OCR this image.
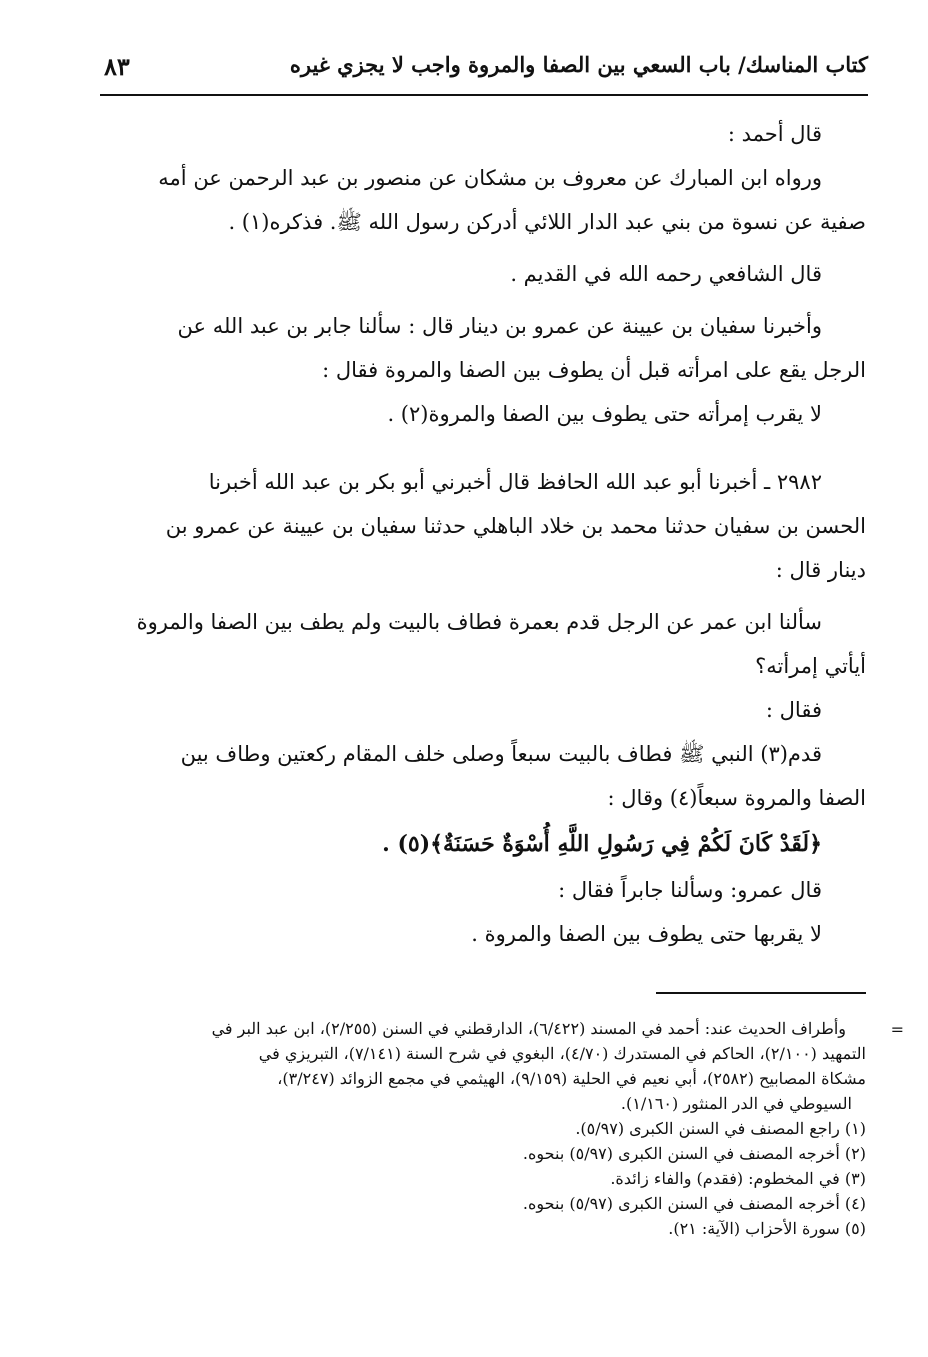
كتاب المناسك/ باب السعي بين الصفا والمروة واجب لا يجزي غيره
٨٣
قال أحمد :

ورواه ابن المبارك عن معروف بن مشكان عن منصور بن عبد الرحمن عن أمه
صفية عن نسوة من بني عبد الدار اللائي أدركن رسول الله ﷺ. فذكره(١) .

قال الشافعي رحمه الله في القديم .
وأخبرنا سفيان بن عيينة عن عمرو بن دينار قال : سألنا جابر بن عبد الله عن
الرجل يقع على امرأته قبل أن يطوف بين الصفا والمروة فقال :
لا يقرب إمرأته حتى يطوف بين الصفا والمروة(٢) .
٢٩٨٢ ـ أخبرنا أبو عبد الله الحافظ قال أخبرني أبو بكر بن عبد الله أخبرنا
الحسن بن سفيان حدثنا محمد بن خلاد الباهلي حدثنا سفيان بن عيينة عن عمرو بن
دينار قال :
سألنا ابن عمر عن الرجل قدم بعمرة فطاف بالبيت ولم يطف بين الصفا والمروة
أيأتي إمرأته؟
فقال :
قدم(٣) النبي ﷺ فطاف بالبيت سبعاً وصلى خلف المقام ركعتين وطاف بين
الصفا والمروة سبعاً(٤) وقال :
﴿لَقَدْ كَانَ لَكُمْ فِي رَسُولِ اللَّهِ أُسْوَةٌ حَسَنَةٌ﴾(٥) .
قال عمرو: وسألنا جابراً فقال :
لا يقربها حتى يطوف بين الصفا والمروة .
=
وأطراف الحديث عند: أحمد في المسند (٦/٤٢٢)، الدارقطني في السنن (٢/٢٥٥)، ابن عبد البر في
التمهيد (٢/١٠٠)، الحاكم في المستدرك (٤/٧٠)، البغوي في شرح السنة (٧/١٤١)، التبريزي في
مشكاة المصابيح (٢٥٨٢)، أبي نعيم في الحلية (٩/١٥٩)، الهيثمي في مجمع الزوائد (٣/٢٤٧)،
السيوطي في الدر المنثور (١/١٦٠).
(١) راجع المصنف في السنن الكبرى (٥/٩٧).
(٢) أخرجه المصنف في السنن الكبرى (٥/٩٧) بنحوه.
(٣) في المخطوم: (فقدم) والفاء زائدة.
(٤) أخرجه المصنف في السنن الكبرى (٥/٩٧) بنحوه.
(٥) سورة الأحزاب (الآية: ٢١).
